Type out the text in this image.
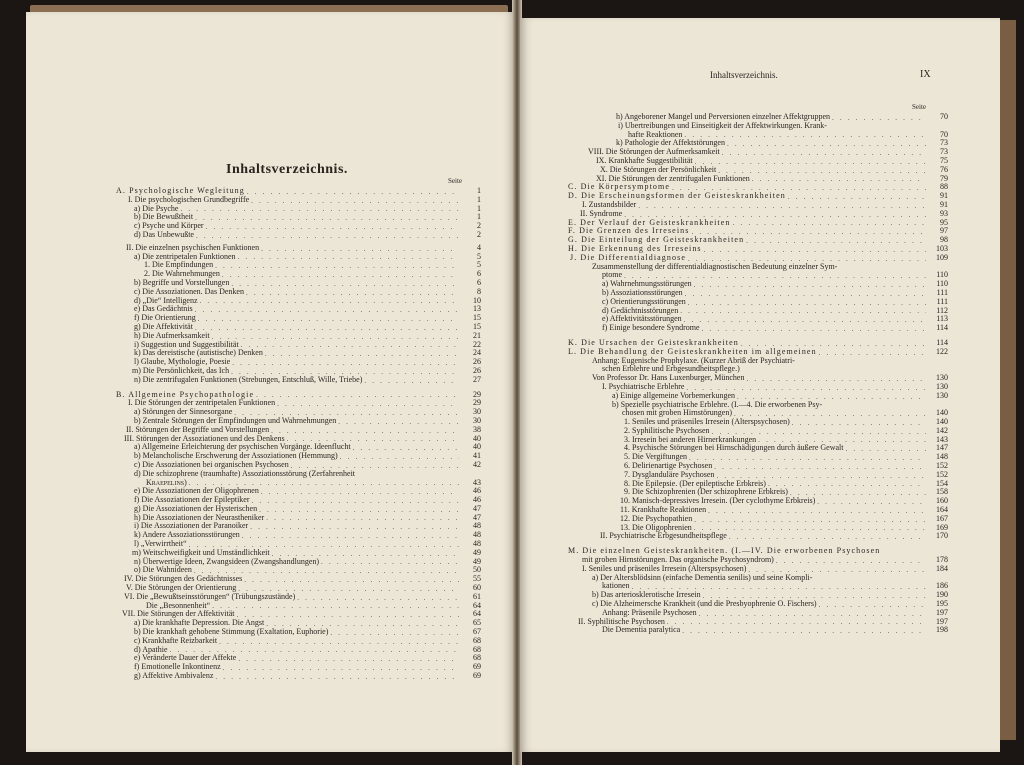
Inhaltsverzeichnis.
Seite
A. Psychologische Wegleitung . . .	1
I. Die psychologischen Grundbegriffe . . .	1
a) Die Psyche . . .	1
b) Die Bewußtheit . . .	1
c) Psyche und Körper . . .	2
d) Das Unbewußte . . .	2
II. Die einzelnen psychischen Funktionen . . .	4
a) Die zentripetalen Funktionen . . .	5
1. Die Empfindungen . . .	5
2. Die Wahrnehmungen . . .	6
b) Begriffe und Vorstellungen . . .	6
c) Die Assoziationen. Das Denken . . .	8
d) „Die“ Intelligenz . . .	10
e) Das Gedächtnis . . .	13
f) Die Orientierung . . .	15
g) Die Affektivität . . .	15
h) Die Aufmerksamkeit . . .	21
i) Suggestion und Suggestibilität . . .	22
k) Das dereistische (autistische) Denken . . .	24
l) Glaube, Mythologie, Poesie . . .	26
m) Die Persönlichkeit, das Ich . . .	26
n) Die zentrifugalen Funktionen (Strebungen, Entschluß, Wille, Triebe) . . .	27
B. Allgemeine Psychopathologie . . .	29
I. Die Störungen der zentripetalen Funktionen . . .	29
a) Störungen der Sinnesorgane . . .	30
b) Zentrale Störungen der Empfindungen und Wahrnehmungen . . .	30
II. Störungen der Begriffe und Vorstellungen . . .	38
III. Störungen der Assoziationen und des Denkens . . .	40
a) Allgemeine Erleichterung der psychischen Vorgänge. Ideenflucht . . .	40
b) Melancholische Erschwerung der Assoziationen (Hemmung) . . .	41
c) Die Assoziationen bei organischen Psychosen . . .	42
d) Die schizophrene (traumhafte) Assoziationsstörung (Zerfahrenheit
Kraepelins) . . .	43
e) Die Assoziationen der Oligophrenen . . .	46
f) Die Assoziationen der Epileptiker . . .	46
g) Die Assoziationen der Hysterischen . . .	47
h) Die Assoziationen der Neurastheniker . . .	47
i) Die Assoziationen der Paranoiker . . .	48
k) Andere Assoziationsstörungen . . .	48
l) „Verwirrtheit“ . . .	48
m) Weitschweifigkeit und Umständlichkeit . . .	49
n) Überwertige Ideen, Zwangsideen (Zwangshandlungen) . . .	49
o) Die Wahnideen . . .	50
IV. Die Störungen des Gedächtnisses . . .	55
V. Die Störungen der Orientierung . . .	60
VI. Die „Bewußtseinsstörungen“ (Trübungszustände) . . .	61
Die „Besonnenheit“ . . .	64
VII. Die Störungen der Affektivität . . .	64
a) Die krankhafte Depression. Die Angst . . .	65
b) Die krankhaft gehobene Stimmung (Exaltation, Euphorie) . . .	67
c) Krankhafte Reizbarkeit . . .	68
d) Apathie . . .	68
e) Veränderte Dauer der Affekte . . .	68
f) Emotionelle Inkontinenz . . .	69
g) Affektive Ambivalenz . . .	69
Inhaltsverzeichnis.	IX
Seite
h) Angeborener Mangel und Perversionen einzelner Affektgruppen . . .	70
i) Übertreibungen und Einseitigkeit der Affektwirkungen. Krank-
hafte Reaktionen . . .	70
k) Pathologie der Affektstörungen . . .	73
VIII. Die Störungen der Aufmerksamkeit . . .	73
IX. Krankhafte Suggestibilität . . .	75
X. Die Störungen der Persönlichkeit . . .	76
XI. Die Störungen der zentrifugalen Funktionen . . .	79
C. Die Körpersymptome . . .	88
D. Die Erscheinungsformen der Geisteskrankheiten . . .	91
I. Zustandsbilder . . .	91
II. Syndrome . . .	93
E. Der Verlauf der Geisteskrankheiten . . .	95
F. Die Grenzen des Irreseins . . .	97
G. Die Einteilung der Geisteskrankheiten . . .	98
H. Die Erkennung des Irreseins . . .	103
J. Die Differentialdiagnose . . .	109
Zusammenstellung der differentialdiagnostischen Bedeutung einzelner Sym-
ptome . . .	110
a) Wahrnehmungsstörungen . . .	110
b) Assoziationsstörungen . . .	111
c) Orientierungsstörungen . . .	111
d) Gedächtnisstörungen . . .	112
e) Affektivitätsstörungen . . .	113
f) Einige besondere Syndrome . . .	114
K. Die Ursachen der Geisteskrankheiten . . .	114
L. Die Behandlung der Geisteskrankheiten im allgemeinen . . .	122
Anhang: Eugenische Prophylaxe. (Kurzer Abriß der Psychiatri-
schen Erblehre und Erbgesundheitspflege.)
Von Professor Dr. Hans Luxenburger, München . . .	130
I. Psychiatrische Erblehre . . .	130
a) Einige allgemeine Vorbemerkungen . . .	130
b) Spezielle psychiatrische Erblehre. (I.—4. Die erworbenen Psy-
chosen mit groben Hirnstörungen) . . .	140
1. Seniles und präseniles Irresein (Alterspsychosen) . . .	140
2. Syphilitische Psychosen . . .	142
3. Irresein bei anderen Hirnerkrankungen . . .	143
4. Psychische Störungen bei Hirnschädigungen durch äußere Gewalt . . .	147
5. Die Vergiftungen . . .	148
6. Delirienartige Psychosen . . .	152
7. Dysglanduläre Psychosen . . .	152
8. Die Epilepsie. (Der epileptische Erbkreis) . . .	154
9. Die Schizophrenien (Der schizophrene Erbkreis) . . .	158
10. Manisch-depressives Irresein. (Der cyclothyme Erbkreis) . . .	160
11. Krankhafte Reaktionen . . .	164
12. Die Psychopathien . . .	167
13. Die Oligophrenien . . .	169
II. Psychiatrische Erbgesundheitspflege . . .	170
M. Die einzelnen Geisteskrankheiten. (I.—IV. Die erworbenen Psychosen
mit groben Hirnstörungen. Das organische Psychosyndrom) . . .	178
I. Seniles und präseniles Irresein (Alterspsychosen) . . .	184
a) Der Altersblödsinn (einfache Dementia senilis) und seine Kompli-
kationen . . .	186
b) Das arteriosklerotische Irresein . . .	190
c) Die Alzheimersche Krankheit (und die Presbyophrenie O. Fischers) . . .	195
Anhang: Präsenile Psychosen . . .	197
II. Syphilitische Psychosen . . .	197
Die Dementia paralytica . . .	198
